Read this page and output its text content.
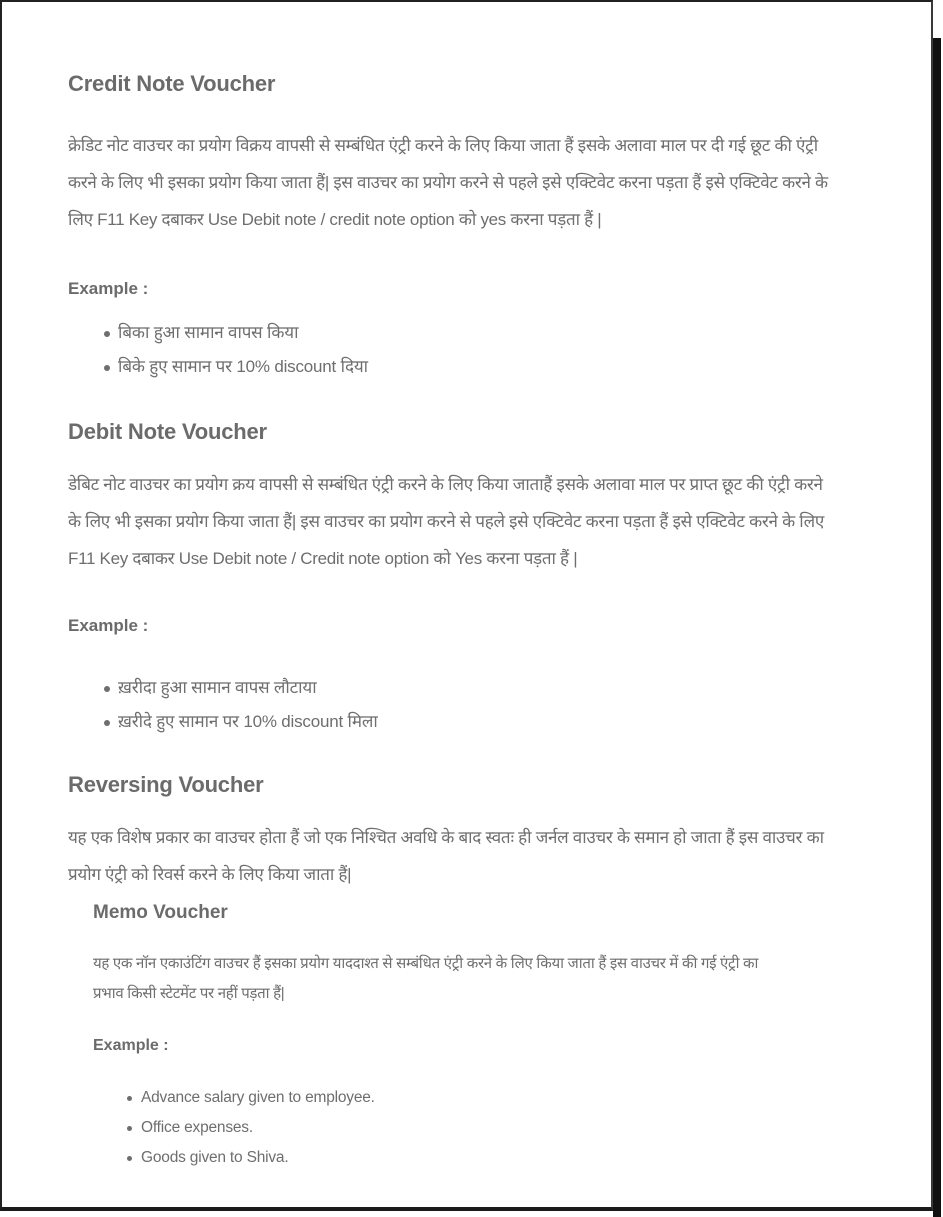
Credit Note Voucher

क्रेडिट नोट वाउचर का प्रयोग विक्रय वापसी से सम्बंधित एंट्री करने के लिए किया जाता हैं इसके अलावा माल पर दी गई छूट की एंट्री

करने के लिए भी इसका प्रयोग किया जाता हैं| इस वाउचर का प्रयोग करने से पहले इसे एक्टिवेट करना पड़ता हैं इसे एक्टिवेट करने के

लिए F11 Key दबाकर Use Debit note / credit note option को yes करना पड़ता हैं |

Example :
बिका हुआ सामान वापस किया
बिके हुए सामान पर 10% discount दिया
Debit Note Voucher

डेबिट नोट वाउचर का प्रयोग क्रय वापसी से सम्बंधित एंट्री करने के लिए किया जाताहैं इसके अलावा माल पर प्राप्त छूट की एंट्री करने

के लिए भी इसका प्रयोग किया जाता हैं| इस वाउचर का प्रयोग करने से पहले इसे एक्टिवेट करना पड़ता हैं इसे एक्टिवेट करने के लिए

F11 Key दबाकर Use Debit note / Credit note option को Yes करना पड़ता हैं |

Example :
ख़रीदा हुआ सामान वापस लौटाया
ख़रीदे हुए सामान पर 10% discount मिला
Reversing Voucher

यह एक विशेष प्रकार का वाउचर होता हैं जो एक निश्चित अवधि के बाद स्वतः ही जर्नल वाउचर के समान हो जाता हैं इस वाउचर का

प्रयोग एंट्री को रिवर्स करने के लिए किया जाता हैं|

Memo Voucher

यह एक नॉन एकाउंटिंग वाउचर हैं इसका प्रयोग याददाश्त से सम्बंधित एंट्री करने के लिए किया जाता हैं इस वाउचर में की गई एंट्री का

प्रभाव किसी स्टेटमेंट पर नहीं पड़ता हैं|

Example :
Advance salary given to employee.
Office expenses.
Goods given to Shiva.
